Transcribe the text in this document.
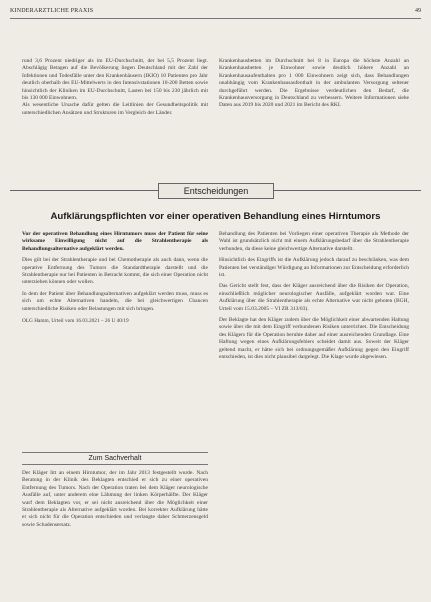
KINDERARZTLICHE PRAXIS	49

rund 3,6 Prozent niedriger als im EU-Durchschnitt, der bei 5,5 Prozent liegt. Abschlägig Betagen auf die Bevölkerung liegen Deutschland mit der Zahl der Infektionen und Todesfälle unter den Krankenhäusern (IKIO) 10 Patienten pro Jahr deutlich oberhalb des EU-Mittelwerts in den Intensivstationen 10-200 Betten sowie hinsichtlich der Kliniken im EU-Durchschnitt, Lasten bei 150 bis 230 jährlich mit bis 130 000 Einwohnern.

Als wesentliche Ursache dafür gelten die Leitlinien der Gesundheitspolitik mit unterschiedlichen Ansätzen und Strukturen im Vergleich der Länder.

Krankenhausbetten im Durchschnitt bei 8 in Europa die höchste Anzahl an Krankenhausbetten je Einwohner sowie deutlich höhere Anzahl an Krankenhausaufenthalten pro 1 000 Einwohnern zeigt sich, dass Behandlungen unabhängig vom Krankenhausaufenthalt in der ambulanten Versorgung seltener durchgeführt werden. Die Ergebnisse verdeutlichen den Bedarf, die Krankenhausversorgung in Deutschland zu verbessern. Weitere Informationen siehe Daten aus 2019 bis 2020 und 2021 im Bericht des RKI.

Entscheidungen
Aufklärungspflichten vor einer operativen Behandlung eines Hirntumors

Vor der operativen Behandlung eines Hirntumors muss der Patient für seine wirksame Einwilligung nicht auf die Strahlentherapie als Behandlungsalternative aufgeklärt werden.

Dies gilt bei der Strahlentherapie und bei Chemotherapie als auch dann, wenn die operative Entfernung des Tumors die Standardtherapie darstellt und die Strahlentherapie nur bei Patienten in Betracht kommt, die sich einer Operation nicht unterziehen können oder wollen.

In dem der Patient über Behandlungsalternativen aufgeklärt werden muss, muss es sich um echte Alternativen handeln, die bei gleichwertigen Chancen unterschiedliche Risiken oder Belastungen mit sich bringen.

OLG Hamm, Urteil vom 16.03.2021 – 26 U 40/19

Behandlung des Patienten bei Vorliegen einer operativen Therapie als Methode der Wahl ist grundsätzlich nicht mit einem Aufklärungsbedarf über die Strahlentherapie verbunden, da diese keine gleichwertige Alternative darstellt.

Hinsichtlich des Eingriffs ist die Aufklärung jedoch darauf zu beschränken, was dem Patienten bei verständiger Würdigung an Informationen zur Entscheidung erforderlich ist.

Das Gericht stellt fest, dass der Kläger ausreichend über die Risiken der Operation, einschließlich möglicher neurologischer Ausfälle, aufgeklärt worden war. Eine Aufklärung über die Strahlentherapie als echte Alternative war nicht geboten (BGH, Urteil vom 15.03.2005 – VI ZR 313/03).

Der Beklagte hat den Kläger zudem über die Möglichkeit einer abwartenden Haltung sowie über die mit dem Eingriff verbundenen Risiken unterrichtet. Die Entscheidung des Klägers für die Operation beruhte daher auf einer ausreichenden Grundlage. Eine Haftung wegen eines Aufklärungsfehlers scheidet damit aus. Soweit der Kläger geltend macht, er hätte sich bei ordnungsgemäßer Aufklärung gegen den Eingriff entschieden, ist dies nicht plausibel dargelegt. Die Klage wurde abgewiesen.

Zum Sachverhalt

Der Kläger litt an einem Hirntumor, der im Jahr 2013 festgestellt wurde. Nach Beratung in der Klinik des Beklagten entschied er sich zu einer operativen Entfernung des Tumors. Nach der Operation traten bei dem Kläger neurologische Ausfälle auf, unter anderem eine Lähmung der linken Körperhälfte. Der Kläger warf dem Beklagten vor, er sei nicht ausreichend über die Möglichkeit einer Strahlentherapie als Alternative aufgeklärt worden. Bei korrekter Aufklärung hätte er sich nicht für die Operation entschieden und verlangte daher Schmerzensgeld sowie Schadensersatz.
